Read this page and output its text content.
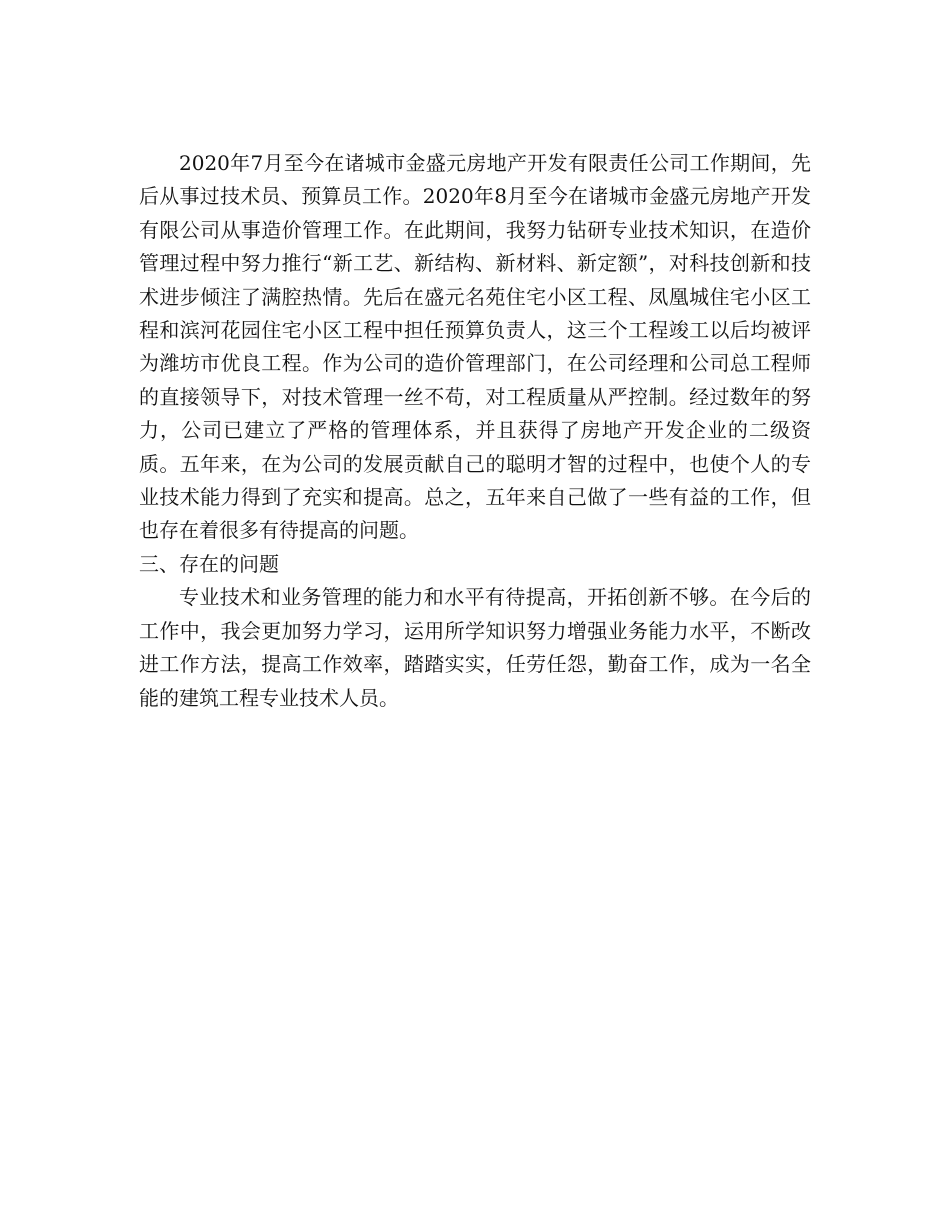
2020年7月至今在诸城市金盛元房地产开发有限责任公司工作期间，先后从事过技术员、预算员工作。2020年8月至今在诸城市金盛元房地产开发有限公司从事造价管理工作。在此期间，我努力钻研专业技术知识，在造价管理过程中努力推行“新工艺、新结构、新材料、新定额”，对科技创新和技术进步倾注了满腔热情。先后在盛元名苑住宅小区工程、凤凰城住宅小区工程和滨河花园住宅小区工程中担任预算负责人，这三个工程竣工以后均被评为潍坊市优良工程。作为公司的造价管理部门，在公司经理和公司总工程师的直接领导下，对技术管理一丝不苟，对工程质量从严控制。经过数年的努力，公司已建立了严格的管理体系，并且获得了房地产开发企业的二级资质。五年来，在为公司的发展贡献自己的聪明才智的过程中，也使个人的专业技术能力得到了充实和提高。总之，五年来自己做了一些有益的工作，但也存在着很多有待提高的问题。

三、存在的问题

专业技术和业务管理的能力和水平有待提高，开拓创新不够。在今后的工作中，我会更加努力学习，运用所学知识努力增强业务能力水平，不断改进工作方法，提高工作效率，踏踏实实，任劳任怨，勤奋工作，成为一名全能的建筑工程专业技术人员。
